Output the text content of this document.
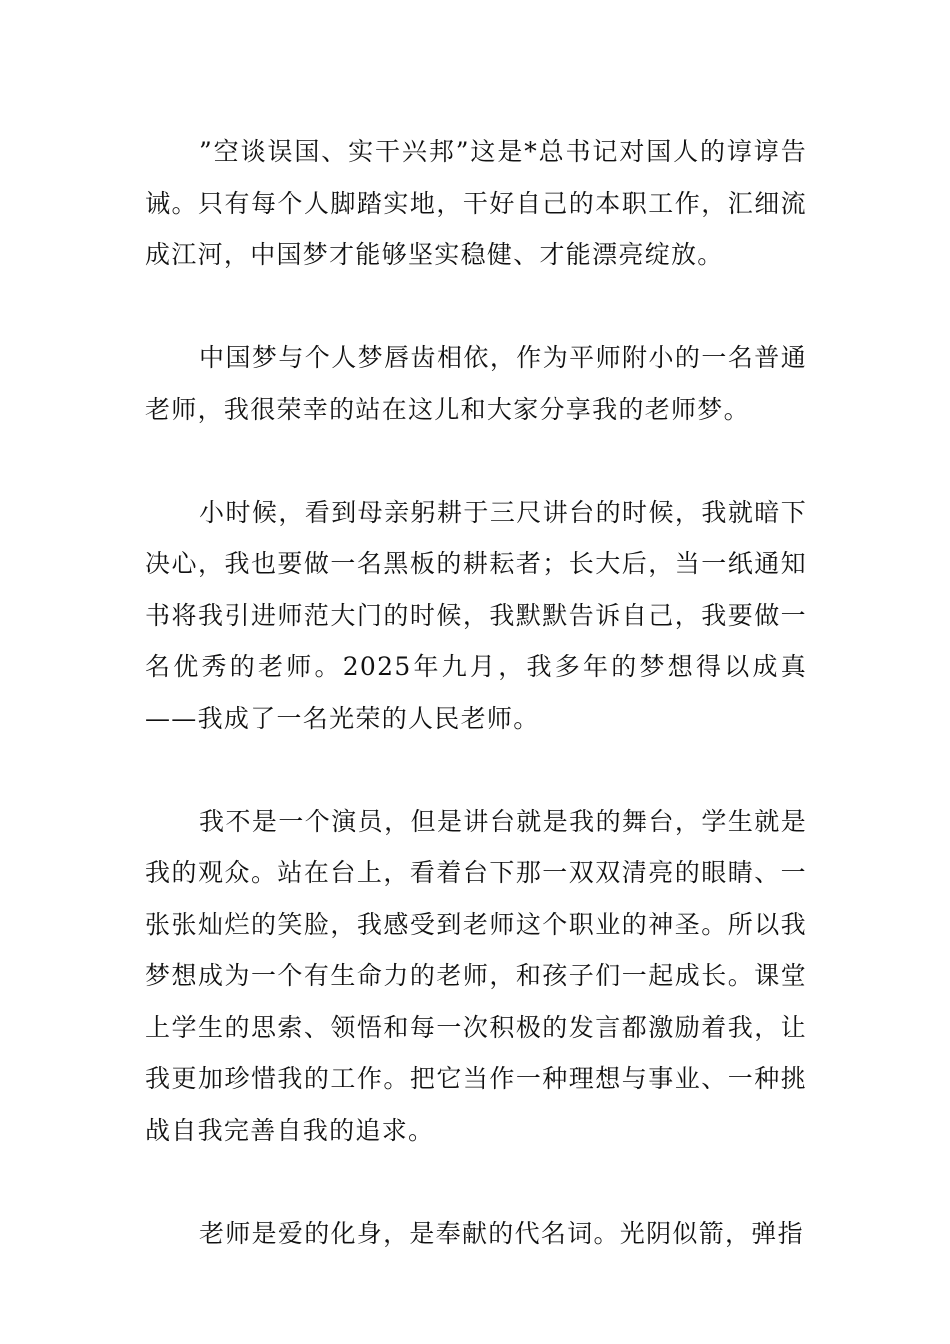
”空谈误国、实干兴邦”这是*总书记对国人的谆谆告诫。只有每个人脚踏实地，干好自己的本职工作，汇细流成江河，中国梦才能够坚实稳健、才能漂亮绽放。

中国梦与个人梦唇齿相依，作为平师附小的一名普通老师，我很荣幸的站在这儿和大家分享我的老师梦。

小时候，看到母亲躬耕于三尺讲台的时候，我就暗下决心，我也要做一名黑板的耕耘者；长大后，当一纸通知书将我引进师范大门的时候，我默默告诉自己，我要做一名优秀的老师。2025年九月，我多年的梦想得以成真——我成了一名光荣的人民老师。

我不是一个演员，但是讲台就是我的舞台，学生就是我的观众。站在台上，看着台下那一双双清亮的眼睛、一张张灿烂的笑脸，我感受到老师这个职业的神圣。所以我梦想成为一个有生命力的老师，和孩子们一起成长。课堂上学生的思索、领悟和每一次积极的发言都激励着我，让我更加珍惜我的工作。把它当作一种理想与事业、一种挑战自我完善自我的追求。

老师是爱的化身，是奉献的代名词。光阴似箭，弹指
